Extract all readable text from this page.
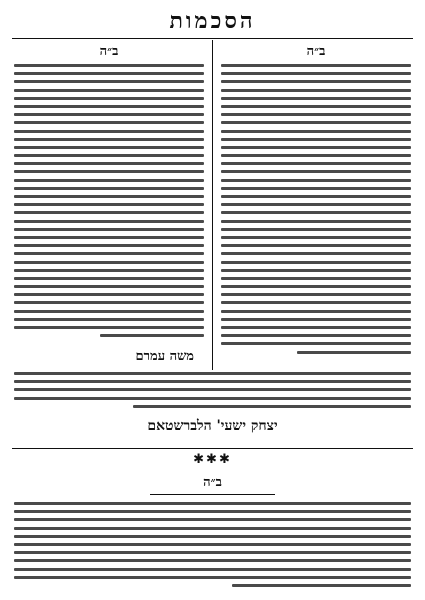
הסכמות
ב״ה
ב״ה
משה עמרם
יצחק ישעי' הלברשטאם
✱✱✱
ב״ה
